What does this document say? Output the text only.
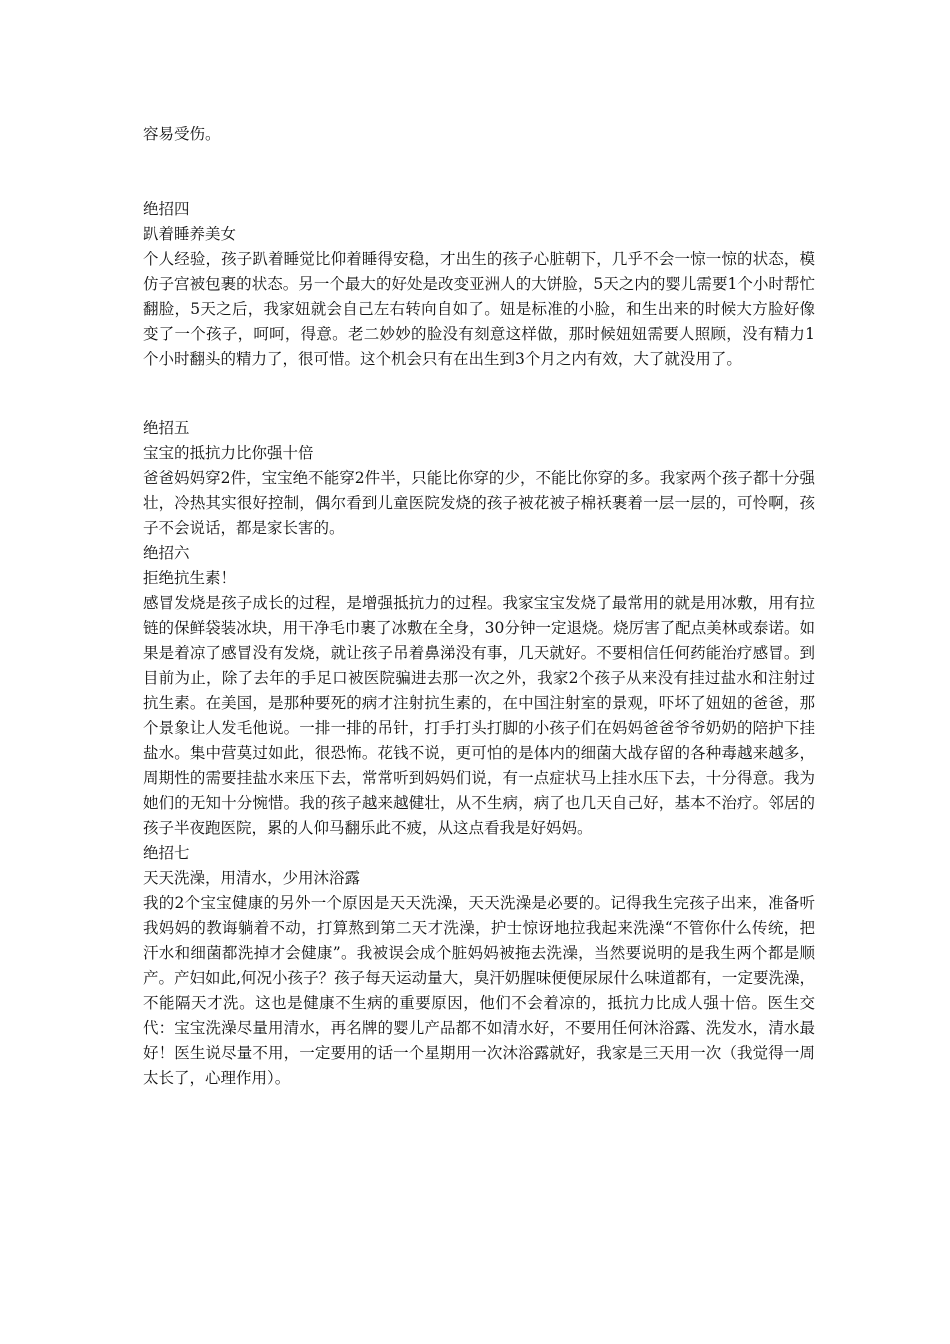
容易受伤。

绝招四

趴着睡养美女

个人经验，孩子趴着睡觉比仰着睡得安稳，才出生的孩子心脏朝下，几乎不会一惊一惊的状态，模仿子宫被包裹的状态。另一个最大的好处是改变亚洲人的大饼脸，5天之内的婴儿需要1个小时帮忙翻脸，5天之后，我家妞就会自己左右转向自如了。妞是标准的小脸，和生出来的时候大方脸好像变了一个孩子，呵呵，得意。老二妙妙的脸没有刻意这样做，那时候妞妞需要人照顾，没有精力1个小时翻头的精力了，很可惜。这个机会只有在出生到3个月之内有效，大了就没用了。

绝招五

宝宝的抵抗力比你强十倍

爸爸妈妈穿2件，宝宝绝不能穿2件半，只能比你穿的少，不能比你穿的多。我家两个孩子都十分强壮，冷热其实很好控制，偶尔看到儿童医院发烧的孩子被花被子棉袄裹着一层一层的，可怜啊，孩子不会说话，都是家长害的。

绝招六

拒绝抗生素！

感冒发烧是孩子成长的过程，是增强抵抗力的过程。我家宝宝发烧了最常用的就是用冰敷，用有拉链的保鲜袋装冰块，用干净毛巾裹了冰敷在全身，30分钟一定退烧。烧厉害了配点美林或泰诺。如果是着凉了感冒没有发烧，就让孩子吊着鼻涕没有事，几天就好。不要相信任何药能治疗感冒。到目前为止，除了去年的手足口被医院骗进去那一次之外，我家2个孩子从来没有挂过盐水和注射过抗生素。在美国，是那种要死的病才注射抗生素的，在中国注射室的景观，吓坏了妞妞的爸爸，那个景象让人发毛他说。一排一排的吊针，打手打头打脚的小孩子们在妈妈爸爸爷爷奶奶的陪护下挂盐水。集中营莫过如此，很恐怖。花钱不说，更可怕的是体内的细菌大战存留的各种毒越来越多，周期性的需要挂盐水来压下去，常常听到妈妈们说，有一点症状马上挂水压下去，十分得意。我为她们的无知十分惋惜。我的孩子越来越健壮，从不生病，病了也几天自己好，基本不治疗。邻居的孩子半夜跑医院，累的人仰马翻乐此不疲，从这点看我是好妈妈。

绝招七

天天洗澡，用清水，少用沐浴露

我的2个宝宝健康的另外一个原因是天天洗澡，天天洗澡是必要的。记得我生完孩子出来，准备听我妈妈的教诲躺着不动，打算熬到第二天才洗澡，护士惊讶地拉我起来洗澡“不管你什么传统，把汗水和细菌都洗掉才会健康”。我被误会成个脏妈妈被拖去洗澡，当然要说明的是我生两个都是顺产。产妇如此,何况小孩子？孩子每天运动量大，臭汗奶腥味便便尿尿什么味道都有，一定要洗澡，不能隔天才洗。这也是健康不生病的重要原因，他们不会着凉的，抵抗力比成人强十倍。医生交代：宝宝洗澡尽量用清水，再名牌的婴儿产品都不如清水好，不要用任何沐浴露、洗发水，清水最好！医生说尽量不用，一定要用的话一个星期用一次沐浴露就好，我家是三天用一次（我觉得一周太长了，心理作用）。
